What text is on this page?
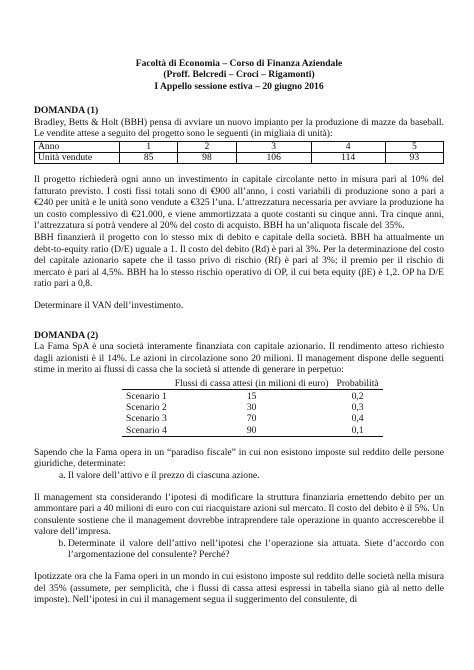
Facoltà di Economia – Corso di Finanza Aziendale
(Proff. Belcredi – Croci – Rigamonti)
I Appello sessione estiva – 20 giugno 2016
DOMANDA (1)

Bradley, Betts & Holt (BBH) pensa di avviare un nuovo impianto per la produzione di mazze da baseball. Le vendite attese a seguito del progetto sono le seguenti (in migliaia di unità):

Anno	1	2	3	4	5
Unità vendute	85	98	106	114	93

Il progetto richiederà ogni anno un investimento in capitale circolante netto in misura pari al 10% del fatturato previsto. I costi fissi totali sono di €900 all’anno, i costi variabili di produzione sono a pari a €240 per unità e le unità sono vendute a €325 l’una. L’attrezzatura necessaria per avviare la produzione ha un costo complessivo di €21.000, e viene ammortizzata a quote costanti su cinque anni. Tra cinque anni, l’attrezzatura si potrà vendere al 20% del costo di acquisto. BBH ha un’aliquota fiscale del 35%.

BBH finanzierà il progetto con lo stesso mix di debito e capitale della società. BBH ha attualmente un debt-to-equity ratio (D/E) uguale a 1. Il costo del debito (Rd) è pari al 3%. Per la determinazione del costo del capitale azionario sapete che il tasso privo di rischio (Rf) è pari al 3%; il premio per il rischio di mercato è pari al 4,5%. BBH ha lo stesso rischio operativo di OP, il cui beta equity (βE) è 1,2. OP ha D/E ratio pari a 0,8.

Determinare il VAN dell’investimento.

DOMANDA (2)

La Fama SpA è una società interamente finanziata con capitale azionario. Il rendimento atteso richiesto dagli azionisti è il 14%. Le azioni in circolazione sono 20 milioni. Il management dispone delle seguenti stime in merito ai flussi di cassa che la società si attende di generare in perpetuo:

	Flussi di cassa attesi (in milioni di euro)	Probabilità
Scenario 1	15	0,2
Scenario 2	30	0,3
Scenario 3	70	0,4
Scenario 4	90	0,1

Sapendo che la Fama opera in un “paradiso fiscale” in cui non esistono imposte sul reddito delle persone giuridiche, determinate:

a. Il valore dell’attivo e il prezzo di ciascuna azione.

Il management sta considerando l’ipotesi di modificare la struttura finanziaria emettendo debito per un ammontare pari a 40 milioni di euro con cui riacquistare azioni sul mercato. Il costo del debito è il 5%. Un consulente sostiene che il management dovrebbe intraprendere tale operazione in quanto accrescerebbe il valore dell’impresa.

b. Determinate il valore dell’attivo nell’ipotesi che l’operazione sia attuata. Siete d’accordo con l’argomentazione del consulente? Perché?

Ipotizzate ora che la Fama operi in un mondo in cui esistono imposte sul reddito delle società nella misura del 35% (assumete, per semplicità, che i flussi di cassa attesi espressi in tabella siano già al netto delle imposte). Nell’ipotesi in cui il management segua il suggerimento del consulente, di
